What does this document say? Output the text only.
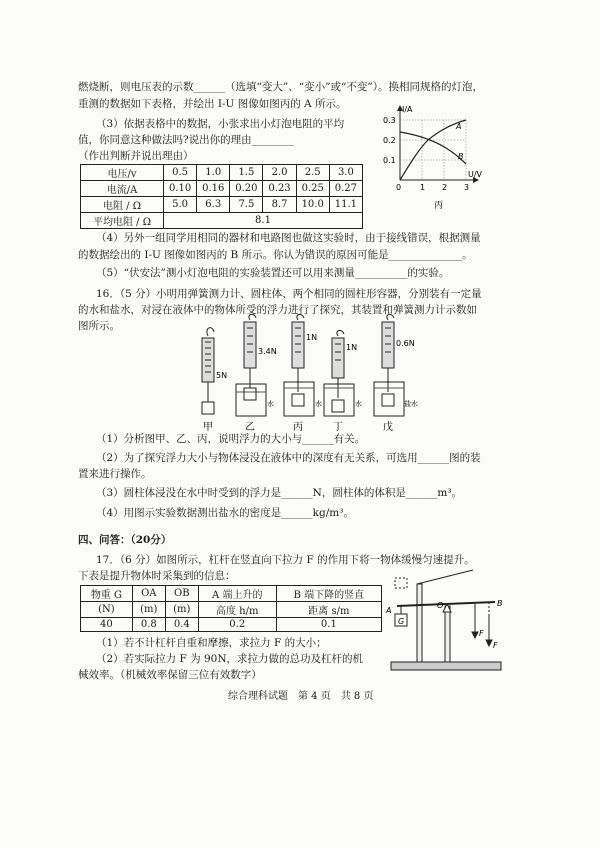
燃烧断，则电压表的示数______（选填“变大”、“变小”或“不变”）。换相同规格的灯泡，
重测的数据如下表格，并绘出 I-U 图像如图丙的 A 所示。
（3）依据表格中的数据，小张求出小灯泡电阻的平均
值，你同意这种做法吗?说出你的理由________
（作出判断并说出理由）
电压/v	0.5	1.0	1.5	2.0	2.5	3.0
电流/A	0.10	0.16	0.20	0.23	0.25	0.27
电阻 / Ω	5.0	6.3	7.5	8.7	10.0	11.1
平均电阻 / Ω	8.1					
I/A
U/V
0.3
0.2
0.1
0 1 2 3
A
B
丙
（4）另外一组同学用相同的器材和电路图也做这实验时，由于接线错误，根据测量
的数据绘出的 I-U 图像如图丙的 B 所示。你认为错误的原因可能是______________。
（5）“伏安法”测小灯泡电阻的实验装置还可以用来测量__________的实验。
16．（5 分）小明用弹簧测力计、圆柱体、两个相同的圆柱形容器，分别装有一定量
的水和盐水，对浸在液体中的物体所受的浮力进行了探究，其装置和弹簧测力计示数如
图所示。
5N
3.4N
1N
1N	0.6N
水	水	水	盐水
甲	乙	丙	丁	戊
（1）分析图甲、乙、丙，说明浮力的大小与______有关。
（2）为了探究浮力大小与物体浸没在液体中的深度有无关系，可选用______图的装
置来进行操作。
（3）圆柱体浸没在水中时受到的浮力是______N，圆柱体的体积是______m³。
（4）用图示实验数据测出盐水的密度是______kg/m³。
四、问答：（20分）
17．（6 分）如图所示，杠杆在竖直向下拉力 F 的作用下将一物体缓慢匀速提升。
下表是提升物体时采集到的信息：
物重 G	OA	OB	A 端上升的	B 端下降的竖直
(N)	(m)	(m)	高度 h/m	距离 s/m
40	0.8	0.4	0.2	0.1
（1）若不计杠杆自重和摩擦，求拉力 F 的大小；
（2）若实际拉力 F 为 90N，求拉力做的总功及杠杆的机
械效率。（机械效率保留三位有效数字）
A
G
O	B
F
F
综合理科试题　第 4 页　共 8 页
